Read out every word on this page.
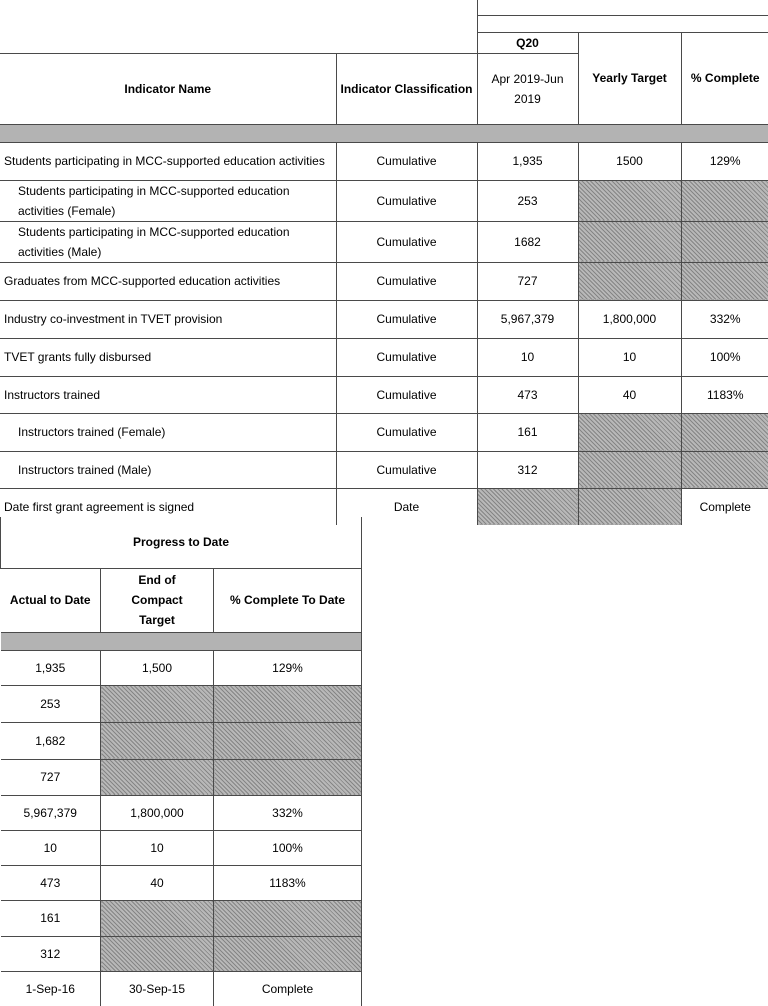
		Q20	Yearly Target	% Complete
Indicator Name	Indicator Classification	Apr 2019-Jun 2019		

Students participating in MCC-supported education activities	Cumulative	1,935	1500	129%
Students participating in MCC-supported education activities (Female)	Cumulative	253		
Students participating in MCC-supported education activities (Male)	Cumulative	1682		
Graduates from MCC-supported education activities	Cumulative	727		
Industry co-investment in TVET provision	Cumulative	5,967,379	1,800,000	332%
TVET grants fully disbursed	Cumulative	10	10	100%
Instructors trained	Cumulative	473	40	1183%
Instructors trained (Female)	Cumulative	161		
Instructors trained (Male)	Cumulative	312		
Date first grant agreement is signed	Date			Complete
Progress to Date		
Actual to Date	End of Compact Target	% Complete To Date

1,935	1,500	129%
253		
1,682		
727		
5,967,379	1,800,000	332%
10	10	100%
473	40	1183%
161		
312		
1-Sep-16	30-Sep-15	Complete
